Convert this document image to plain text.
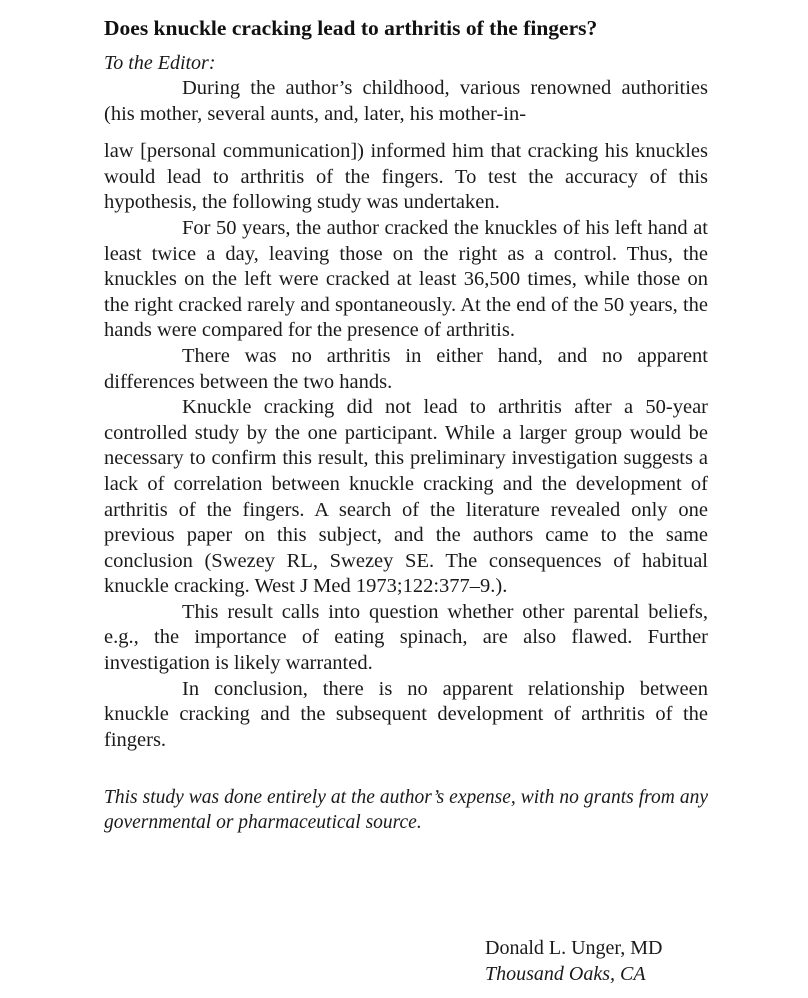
Does knuckle cracking lead to arthritis of the fingers?
To the Editor:

During the author’s childhood, various renowned authorities (his mother, several aunts, and, later, his mother-in-

law [personal communication]) informed him that cracking his knuckles would lead to arthritis of the fingers. To test the accuracy of this hypothesis, the following study was undertaken.

For 50 years, the author cracked the knuckles of his left hand at least twice a day, leaving those on the right as a control. Thus, the knuckles on the left were cracked at least 36,500 times, while those on the right cracked rarely and spontaneously. At the end of the 50 years, the hands were compared for the presence of arthritis.

There was no arthritis in either hand, and no apparent differences between the two hands.

Knuckle cracking did not lead to arthritis after a 50-year controlled study by the one participant. While a larger group would be necessary to confirm this result, this preliminary investigation suggests a lack of correlation between knuckle cracking and the development of arthritis of the fingers. A search of the literature revealed only one previous paper on this subject, and the authors came to the same conclusion (Swezey RL, Swezey SE. The consequences of habitual knuckle cracking. West J Med 1973;122:377–9.).

This result calls into question whether other parental beliefs, e.g., the importance of eating spinach, are also flawed. Further investigation is likely warranted.

In conclusion, there is no apparent relationship between knuckle cracking and the subsequent development of arthritis of the fingers.

This study was done entirely at the author’s expense, with no grants from any governmental or pharmaceutical source.

Donald L. Unger, MD
Thousand Oaks, CA
